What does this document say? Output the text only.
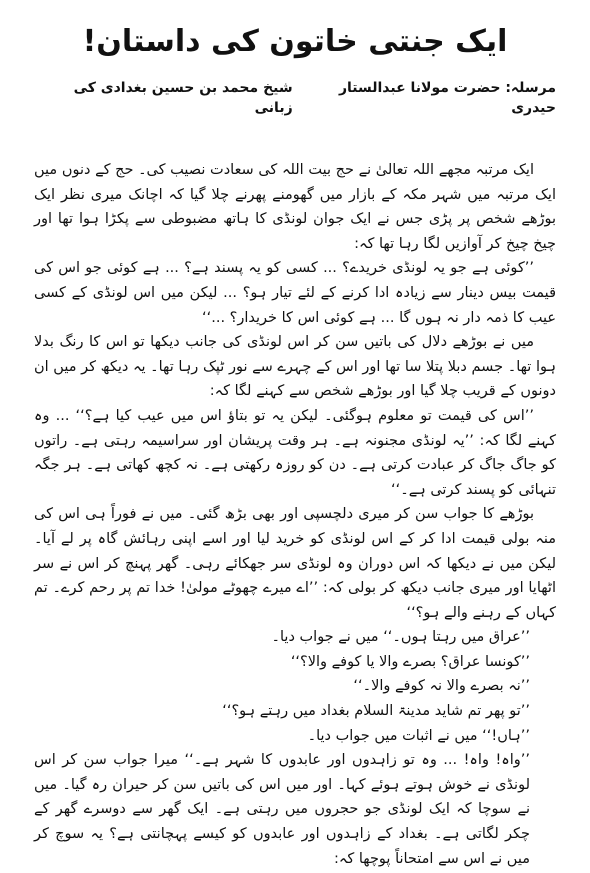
ایک جنتی خاتون کی داستان!
مرسلہ: حضرت مولانا عبدالستار حیدری
شیخ محمد بن حسین بغدادی کی زبانی

ایک مرتبہ مجھے اللہ تعالیٰ نے حج بیت اللہ کی سعادت نصیب کی۔ حج کے دنوں میں ایک مرتبہ میں شہر مکہ کے بازار میں گھومنے پھرنے چلا گیا کہ اچانک میری نظر ایک بوڑھے شخص پر پڑی جس نے ایک جوان لونڈی کا ہاتھ مضبوطی سے پکڑا ہوا تھا اور چیخ چیخ کر آوازیں لگا رہا تھا کہ:

’’کوئی ہے جو یہ لونڈی خریدے؟ ... کسی کو یہ پسند ہے؟ ... ہے کوئی جو اس کی قیمت بیس دینار سے زیادہ ادا کرنے کے لئے تیار ہو؟ ... لیکن میں اس لونڈی کے کسی عیب کا ذمہ دار نہ ہوں گا ... ہے کوئی اس کا خریدار؟ ...‘‘

میں نے بوڑھے دلال کی باتیں سن کر اس لونڈی کی جانب دیکھا تو اس کا رنگ بدلا ہوا تھا۔ جسم دبلا پتلا سا تھا اور اس کے چہرے سے نور ٹپک رہا تھا۔ یہ دیکھ کر میں ان دونوں کے قریب چلا گیا اور بوڑھے شخص سے کہنے لگا کہ:

’’اس کی قیمت تو معلوم ہوگئی۔ لیکن یہ تو بتاؤ اس میں عیب کیا ہے؟‘‘ ... وہ کہنے لگا کہ: ’’یہ لونڈی مجنونہ ہے۔ ہر وقت پریشان اور سراسیمہ رہتی ہے۔ راتوں کو جاگ جاگ کر عبادت کرتی ہے۔ دن کو روزہ رکھتی ہے۔ نہ کچھ کھاتی ہے۔ ہر جگہ تنہائی کو پسند کرتی ہے۔‘‘

بوڑھے کا جواب سن کر میری دلچسپی اور بھی بڑھ گئی۔ میں نے فوراً ہی اس کی منہ بولی قیمت ادا کر کے اس لونڈی کو خرید لیا اور اسے اپنی رہائش گاہ پر لے آیا۔ لیکن میں نے دیکھا کہ اس دوران وہ لونڈی سر جھکائے رہی۔ گھر پہنچ کر اس نے سر اٹھایا اور میری جانب دیکھ کر بولی کہ: ’’اے میرے چھوٹے مولیٰ! خدا تم پر رحم کرے۔ تم کہاں کے رہنے والے ہو؟‘‘

’’عراق میں رہتا ہوں۔‘‘ میں نے جواب دیا۔

’’کونسا عراق؟ بصرے والا یا کوفے والا؟‘‘

’’نہ بصرے والا نہ کوفے والا۔‘‘

’’تو پھر تم شاید مدینۃ السلام بغداد میں رہتے ہو؟‘‘

’’ہاں!‘‘ میں نے اثبات میں جواب دیا۔

’’واہ! واہ! ... وہ تو زاہدوں اور عابدوں کا شہر ہے۔‘‘ میرا جواب سن کر اس لونڈی نے خوش ہوتے ہوئے کہا۔ اور میں اس کی باتیں سن کر حیران رہ گیا۔ میں نے سوچا کہ ایک لونڈی جو حجروں میں رہتی ہے۔ ایک گھر سے دوسرے گھر کے چکر لگاتی ہے۔ بغداد کے زاہدوں اور عابدوں کو کیسے پہچانتی ہے؟ یہ سوچ کر میں نے اس سے امتحاناً پوچھا کہ:
